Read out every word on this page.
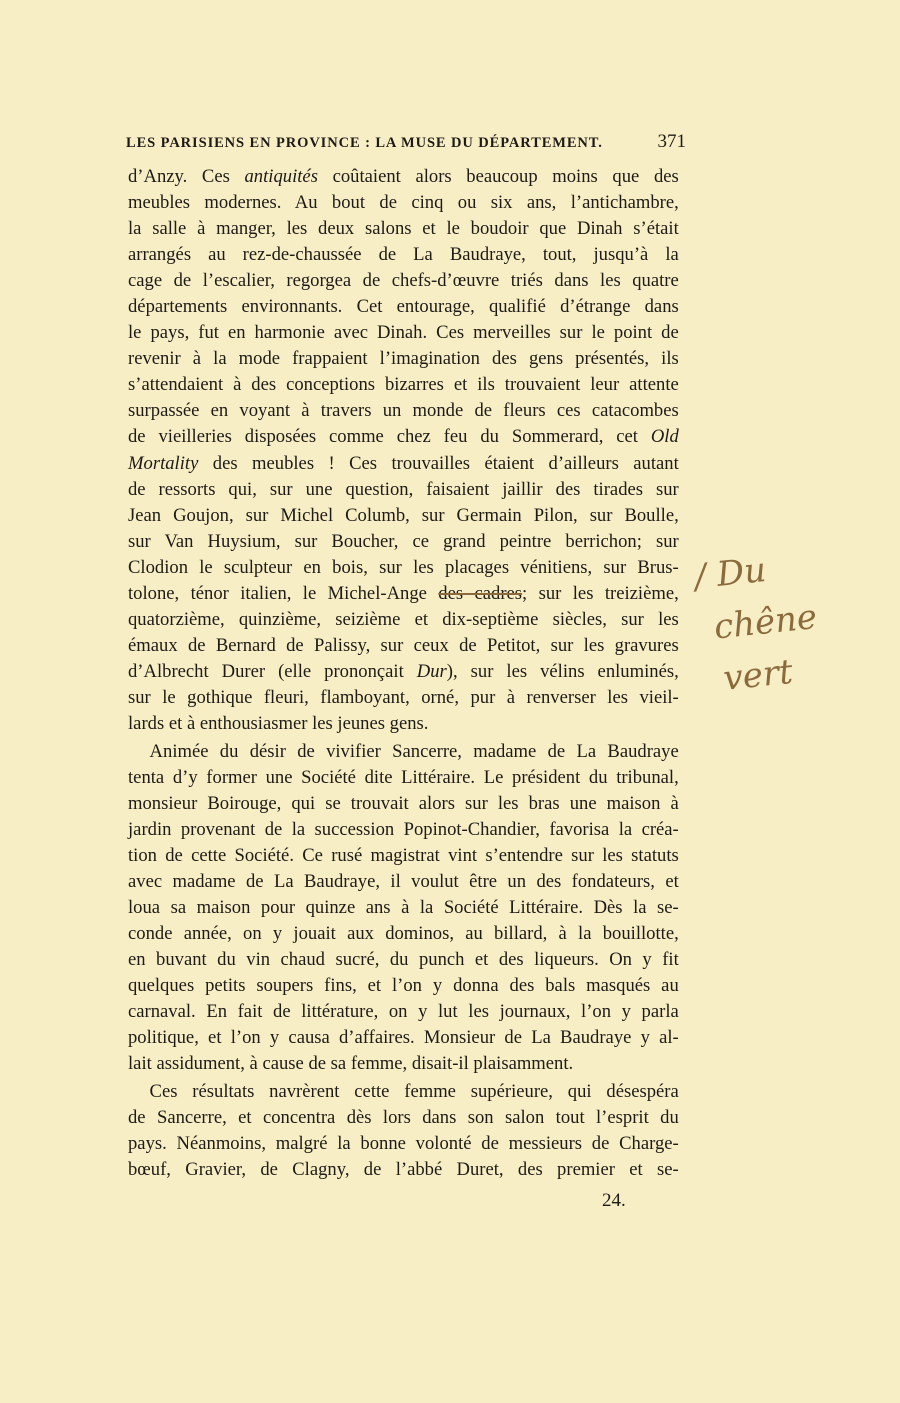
LES PARISIENS EN PROVINCE : LA MUSE DU DÉPARTEMENT.	371
d’Anzy. Ces antiquités coûtaient alors beaucoup moins que des
meubles modernes. Au bout de cinq ou six ans, l’antichambre,
la salle à manger, les deux salons et le boudoir que Dinah s’était
arrangés au rez-de-chaussée de La Baudraye, tout, jusqu’à la
cage de l’escalier, regorgea de chefs-d’œuvre triés dans les quatre
départements environnants. Cet entourage, qualifié d’étrange dans
le pays, fut en harmonie avec Dinah. Ces merveilles sur le point de
revenir à la mode frappaient l’imagination des gens présentés, ils
s’attendaient à des conceptions bizarres et ils trouvaient leur attente
surpassée en voyant à travers un monde de fleurs ces catacombes
de vieilleries disposées comme chez feu du Sommerard, cet Old
Mortality des meubles ! Ces trouvailles étaient d’ailleurs autant
de ressorts qui, sur une question, faisaient jaillir des tirades sur
Jean Goujon, sur Michel Columb, sur Germain Pilon, sur Boulle,
sur Van Huysium, sur Boucher, ce grand peintre berrichon; sur
Clodion le sculpteur en bois, sur les placages vénitiens, sur Brus-
tolone, ténor italien, le Michel-Ange des cadres; sur les treizième,
quatorzième, quinzième, seizième et dix-septième siècles, sur les
émaux de Bernard de Palissy, sur ceux de Petitot, sur les gravures
d’Albrecht Durer (elle prononçait Dur), sur les vélins enluminés,
sur le gothique fleuri, flamboyant, orné, pur à renverser les vieil-
lards et à enthousiasmer les jeunes gens.
Animée du désir de vivifier Sancerre, madame de La Baudraye
tenta d’y former une Société dite Littéraire. Le président du tribunal,
monsieur Boirouge, qui se trouvait alors sur les bras une maison à
jardin provenant de la succession Popinot-Chandier, favorisa la créa-
tion de cette Société. Ce rusé magistrat vint s’entendre sur les statuts
avec madame de La Baudraye, il voulut être un des fondateurs, et
loua sa maison pour quinze ans à la Société Littéraire. Dès la se-
conde année, on y jouait aux dominos, au billard, à la bouillotte,
en buvant du vin chaud sucré, du punch et des liqueurs. On y fit
quelques petits soupers fins, et l’on y donna des bals masqués au
carnaval. En fait de littérature, on y lut les journaux, l’on y parla
politique, et l’on y causa d’affaires. Monsieur de La Baudraye y al-
lait assidument, à cause de sa femme, disait-il plaisamment.
Ces résultats navrèrent cette femme supérieure, qui désespéra
de Sancerre, et concentra dès lors dans son salon tout l’esprit du
pays. Néanmoins, malgré la bonne volonté de messieurs de Charge-
bœuf, Gravier, de Clagny, de l’abbé Duret, des premier et se-
24.
/ Du
chêne
vert
